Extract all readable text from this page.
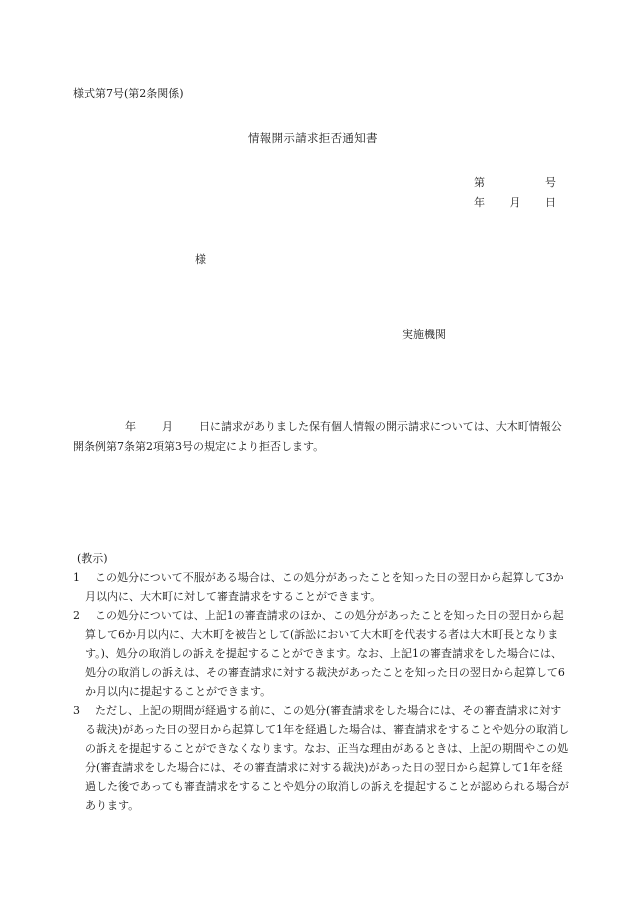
様式第7号(第2条関係)
情報開示請求拒否通知書
第	号
年 月 日
様
実施機関
年 月 日に請求がありました保有個人情報の開示請求については、大木町情報公開条例第7条第2項第3号の規定により拒否します。
(教示)
1	この処分について不服がある場合は、この処分があったことを知った日の翌日から起算して3か月以内に、大木町に対して審査請求をすることができます。
2	この処分については、上記1の審査請求のほか、この処分があったことを知った日の翌日から起算して6か月以内に、大木町を被告として(訴訟において大木町を代表する者は大木町長となります。)、処分の取消しの訴えを提起することができます。なお、上記1の審査請求をした場合には、処分の取消しの訴えは、その審査請求に対する裁決があったことを知った日の翌日から起算して6か月以内に提起することができます。
3	ただし、上記の期間が経過する前に、この処分(審査請求をした場合には、その審査請求に対する裁決)があった日の翌日から起算して1年を経過した場合は、審査請求をすることや処分の取消しの訴えを提起することができなくなります。なお、正当な理由があるときは、上記の期間やこの処分(審査請求をした場合には、その審査請求に対する裁決)があった日の翌日から起算して1年を経過した後であっても審査請求をすることや処分の取消しの訴えを提起することが認められる場合があります。
